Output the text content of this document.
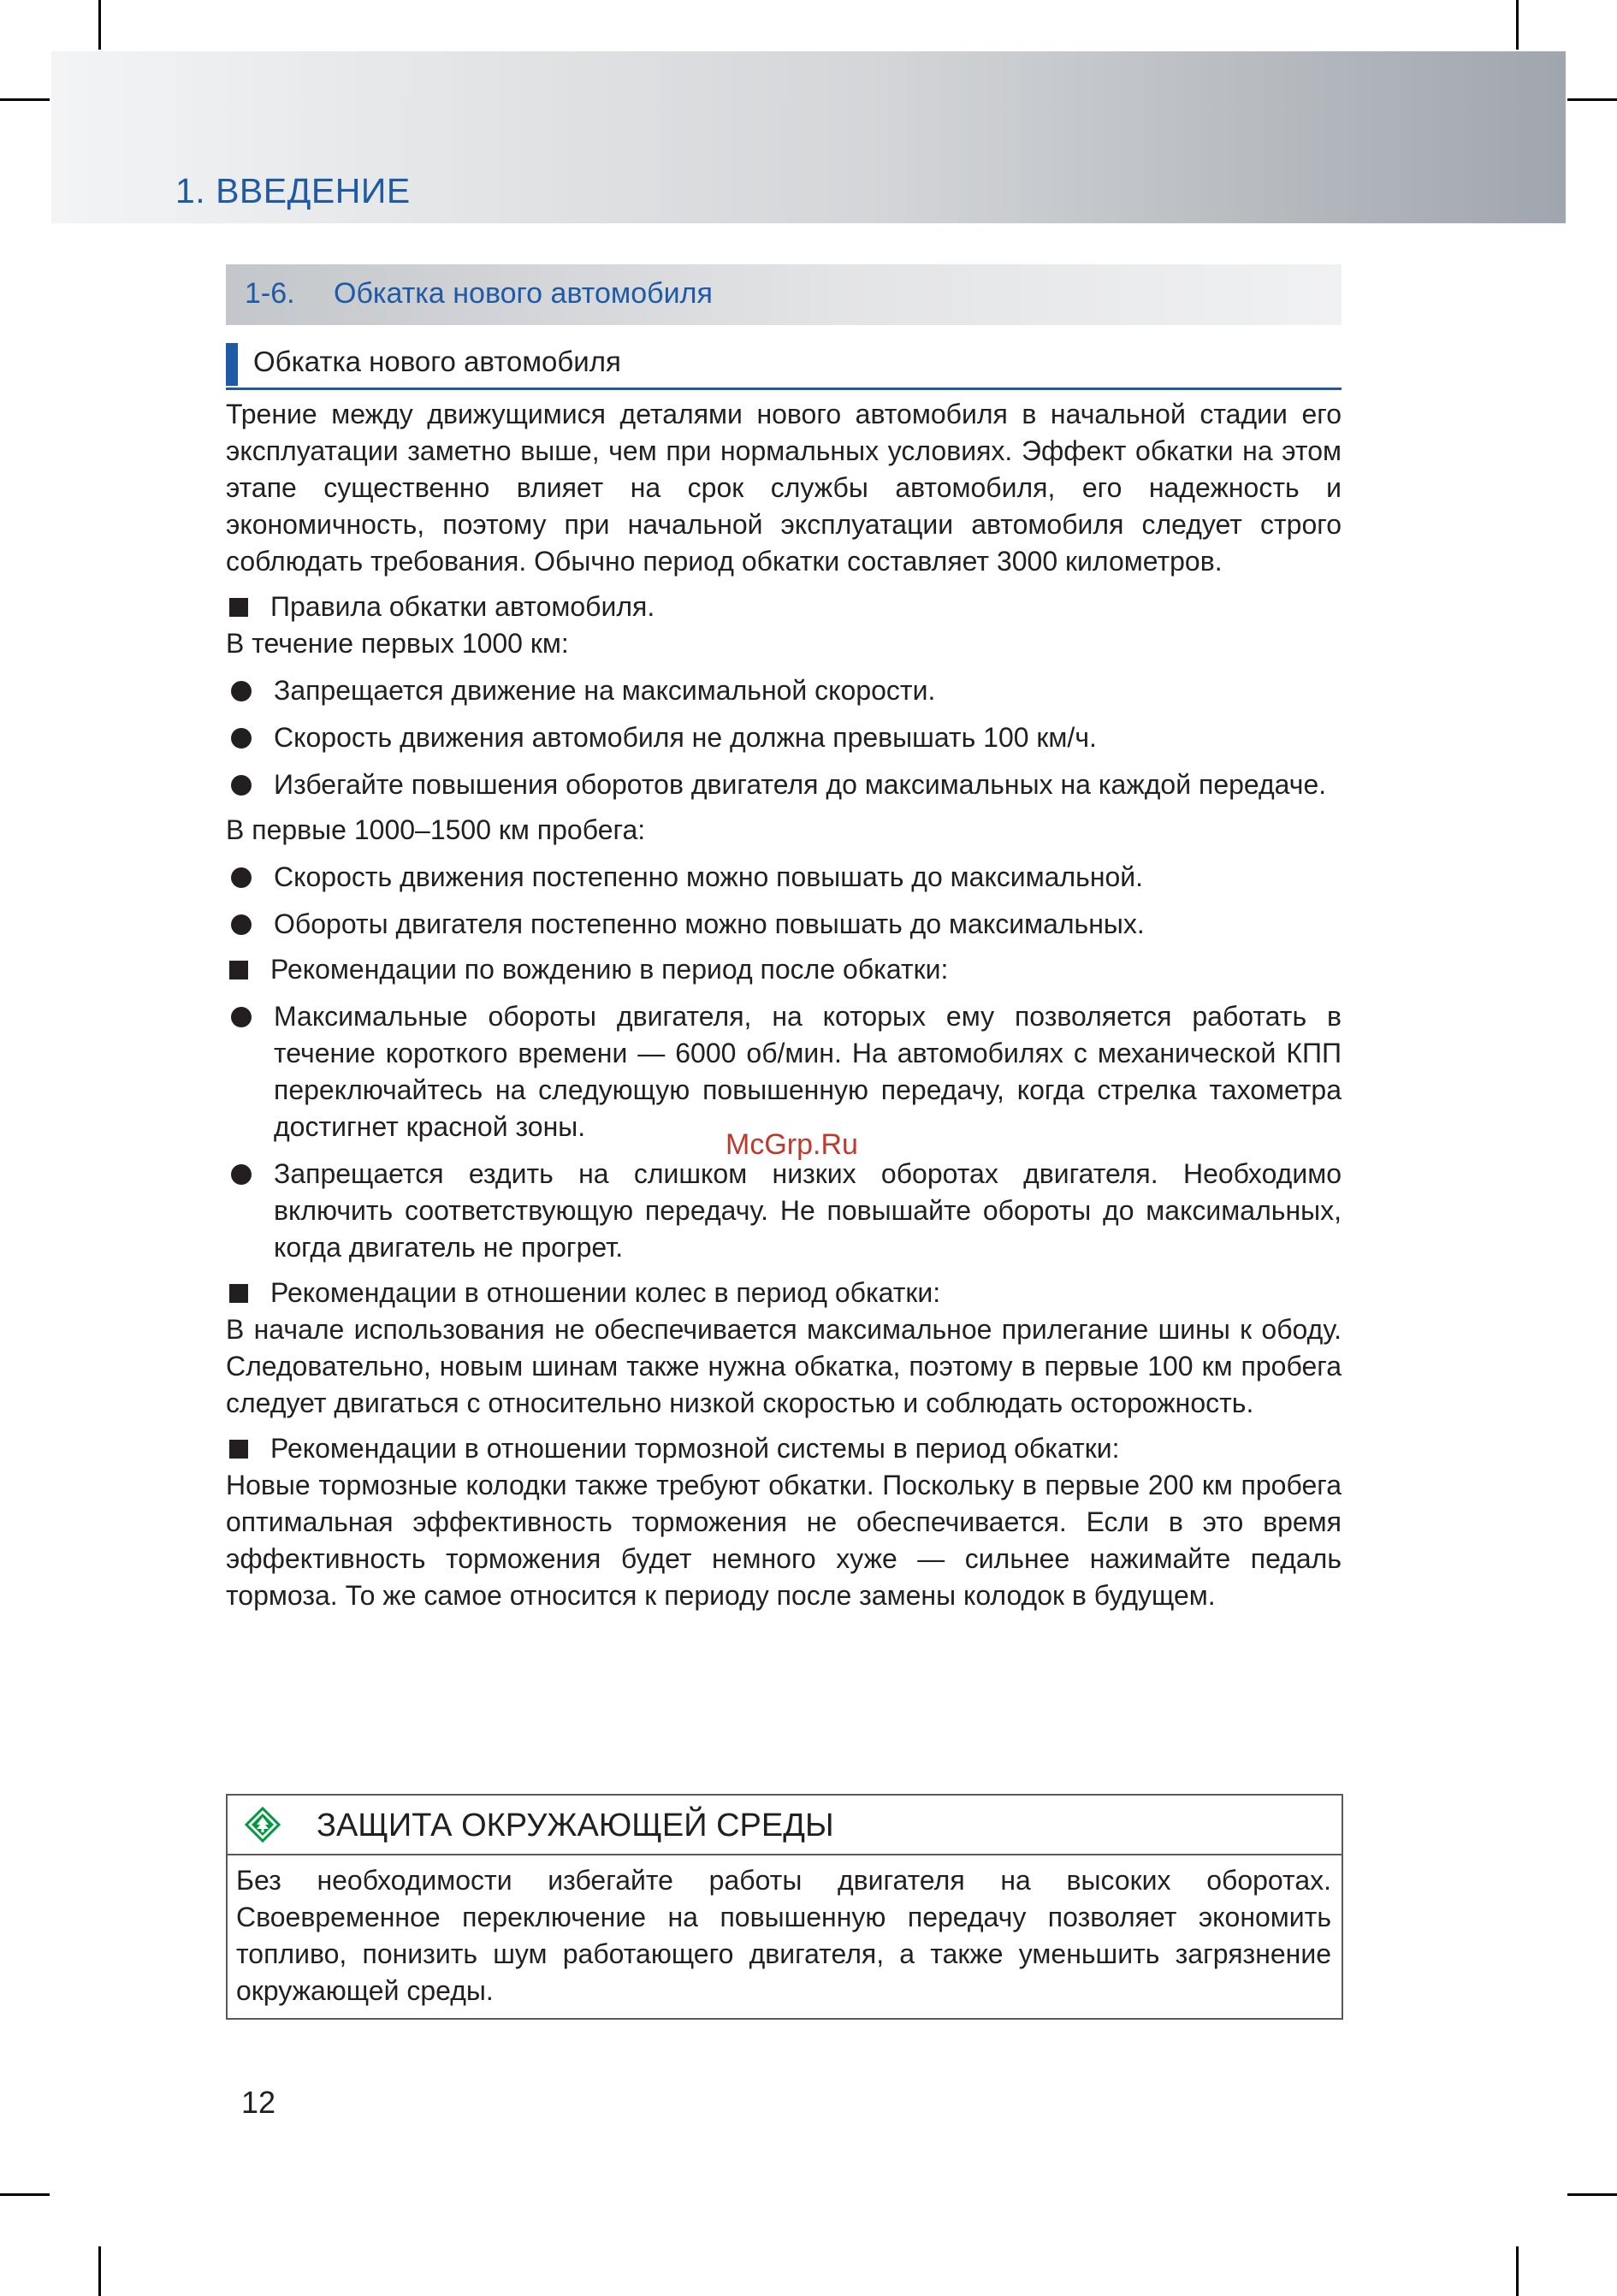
1. ВВЕДЕНИЕ
1-6. Обкатка нового автомобиля
Обкатка нового автомобиля

Трение между движущимися деталями нового автомобиля в начальной стадии его эксплуатации заметно выше, чем при нормальных условиях. Эффект обкатки на этом этапе существенно влияет на срок службы автомобиля, его надежность и экономичность, поэтому при начальной эксплуатации автомобиля следует строго соблюдать требования. Обычно период обкатки составляет 3000 километров.

Правила обкатки автомобиля.

В течение первых 1000 км:

Запрещается движение на максимальной скорости.
Скорость движения автомобиля не должна превышать 100 км/ч.
Избегайте повышения оборотов двигателя до максимальных на каждой передаче.

В первые 1000–1500 км пробега:

Скорость движения постепенно можно повышать до максимальной.
Обороты двигателя постепенно можно повышать до максимальных.
Рекомендации по вождению в период после обкатки:
Максимальные обороты двигателя, на которых ему позволяется работать в течение короткого времени — 6000 об/мин. На автомобилях с механической КПП переключайтесь на следующую повышенную передачу, когда стрелка тахометра достигнет красной зоны.
Запрещается ездить на слишком низких оборотах двигателя. Необходимо включить соответствующую передачу. Не повышайте обороты до максимальных, когда двигатель не прогрет.
Рекомендации в отношении колес в период обкатки:

В начале использования не обеспечивается максимальное прилегание шины к ободу. Следовательно, новым шинам также нужна обкатка, поэтому в первые 100 км пробега следует двигаться с относительно низкой скоростью и соблюдать осторожность.

Рекомендации в отношении тормозной системы в период обкатки:

Новые тормозные колодки также требуют обкатки. Поскольку в первые 200 км пробега оптимальная эффективность торможения не обеспечивается. Если в это время эффективность торможения будет немного хуже — сильнее нажимайте педаль тормоза. То же самое относится к периоду после замены колодок в будущем.

ЗАЩИТА ОКРУЖАЮЩЕЙ СРЕДЫ
Без необходимости избегайте работы двигателя на высоких оборотах. Своевременное переключение на повышенную передачу позволяет экономить топливо, понизить шум работающего двигателя, а также уменьшить загрязнение окружающей среды.
12
McGrp.Ru
